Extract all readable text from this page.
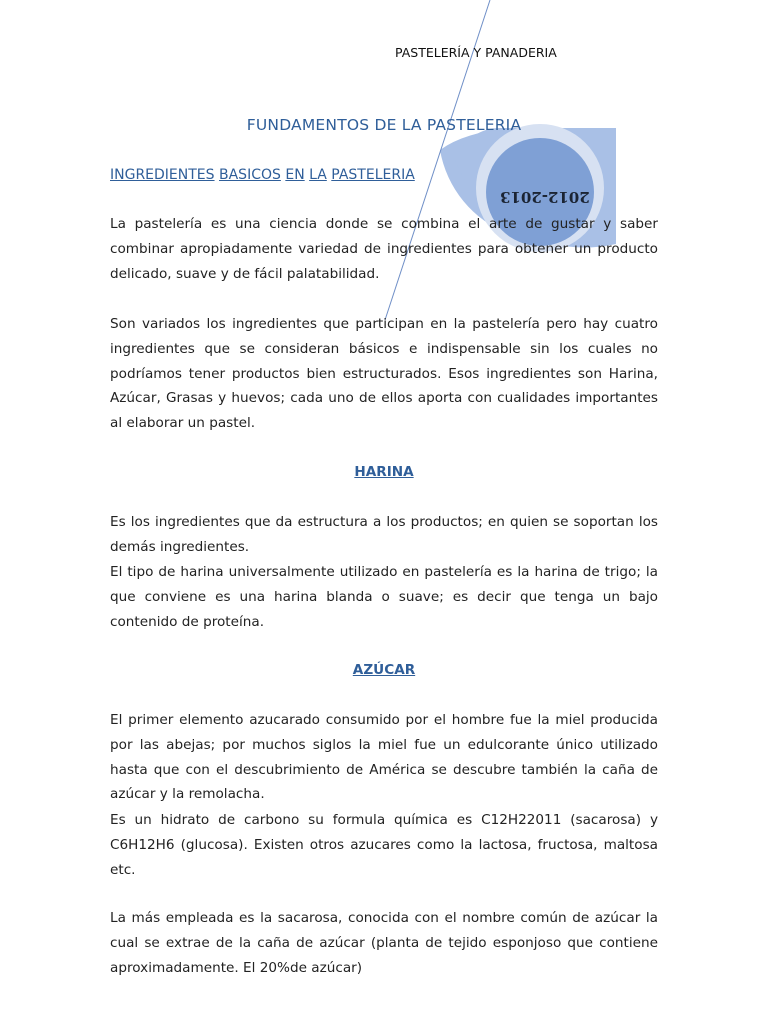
PASTELERÍA Y PANADERIA
FUNDAMENTOS DE LA PASTELERIA
INGREDIENTES BASICOS EN LA PASTELERIA
2012-2013

La pastelería es una ciencia donde se combina el arte de gustar y saber combinar apropiadamente variedad de ingredientes para obtener un producto delicado, suave y de fácil palatabilidad.

Son variados los ingredientes que participan en la pastelería pero hay cuatro ingredientes que se consideran básicos e indispensable sin los cuales no podríamos tener productos bien estructurados. Esos ingredientes son Harina, Azúcar, Grasas y huevos; cada uno de ellos aporta con cualidades importantes al elaborar un pastel.

HARINA

Es los ingredientes que da estructura a los productos; en quien se soportan los demás ingredientes.

El tipo de harina universalmente utilizado en pastelería es la harina de trigo; la que conviene es una harina blanda o suave; es decir que tenga un bajo contenido de proteína.

AZÚCAR

El primer elemento azucarado consumido por el hombre fue la miel producida por las abejas; por muchos siglos la miel fue un edulcorante único utilizado hasta que con el descubrimiento de América se descubre también la caña de azúcar y la remolacha.

Es un hidrato de carbono su formula química es C12H22011 (sacarosa) y C6H12H6 (glucosa). Existen otros azucares como la lactosa, fructosa, maltosa etc.

La más empleada es la sacarosa, conocida con el nombre común de azúcar la cual se extrae de la caña de azúcar (planta de tejido esponjoso que contiene aproximadamente. El 20%de azúcar)
